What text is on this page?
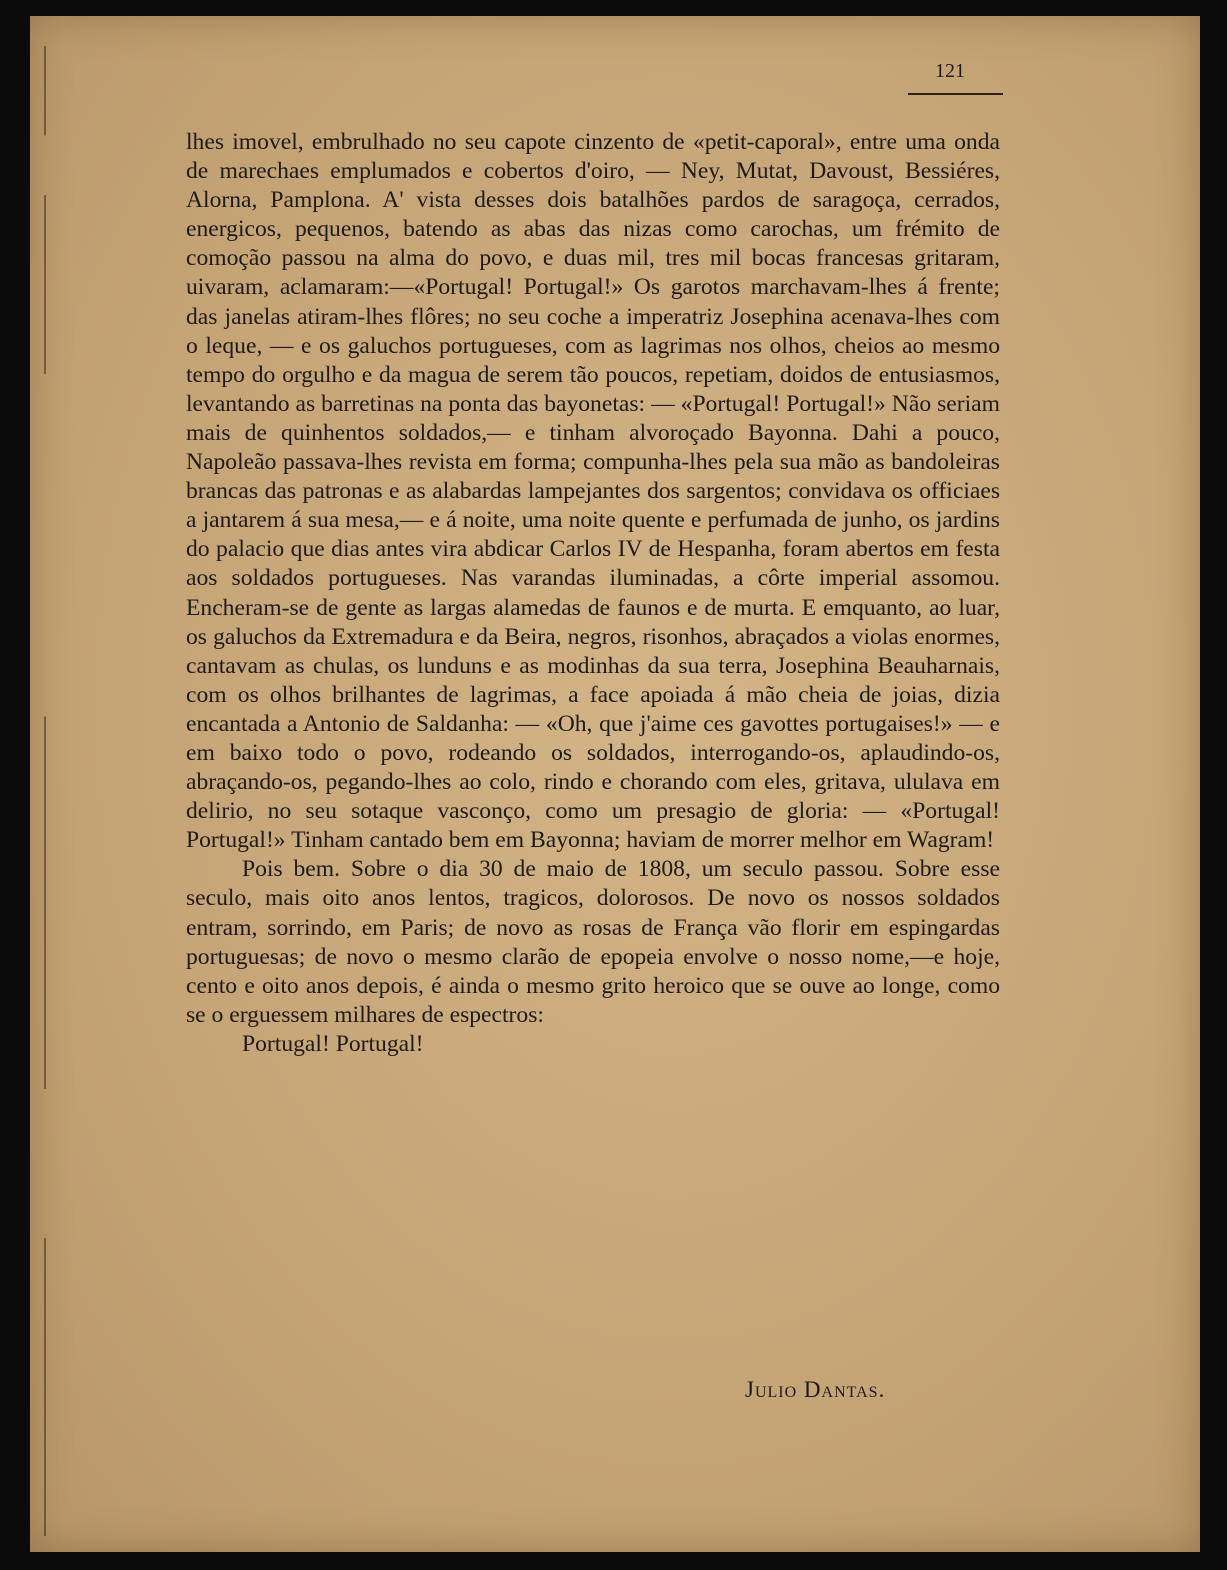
121

lhes imovel, embrulhado no seu capote cinzento de «petit-caporal», entre uma onda de marechaes emplumados e cobertos d'oiro, — Ney, Mutat, Davoust, Bessiéres, Alorna, Pamplona. A' vista desses dois batalhões pardos de saragoça, cerrados, energicos, pequenos, batendo as abas das nizas como carochas, um frémito de comoção passou na alma do povo, e duas mil, tres mil bocas francesas gritaram, uivaram, aclamaram:—«Portugal! Portugal!» Os garotos marchavam-lhes á frente; das janelas atiram-lhes flôres; no seu coche a imperatriz Josephina acenava-lhes com o leque, — e os galuchos portugueses, com as lagrimas nos olhos, cheios ao mesmo tempo do orgulho e da magua de serem tão poucos, repetiam, doidos de entusiasmos, levantando as barretinas na ponta das bayonetas: — «Portugal! Portugal!» Não seriam mais de quinhentos soldados,— e tinham alvoroçado Bayonna. Dahi a pouco, Napoleão passava-lhes revista em forma; compunha-lhes pela sua mão as bandoleiras brancas das patronas e as alabardas lampejantes dos sargentos; convidava os officiaes a jantarem á sua mesa,— e á noite, uma noite quente e perfumada de junho, os jardins do palacio que dias antes vira abdicar Carlos IV de Hespanha, foram abertos em festa aos soldados portugueses. Nas varandas iluminadas, a côrte imperial assomou. Encheram-se de gente as largas alamedas de faunos e de murta. E emquanto, ao luar, os galuchos da Extremadura e da Beira, negros, risonhos, abraçados a violas enormes, cantavam as chulas, os lunduns e as modinhas da sua terra, Josephina Beauharnais, com os olhos brilhantes de lagrimas, a face apoiada á mão cheia de joias, dizia encantada a Antonio de Saldanha: — «Oh, que j'aime ces gavottes portugaises!» — e em baixo todo o povo, rodeando os soldados, interrogando-os, aplaudindo-os, abraçando-os, pegando-lhes ao colo, rindo e chorando com eles, gritava, ululava em delirio, no seu sotaque vasconço, como um presagio de gloria: — «Portugal! Portugal!» Tinham cantado bem em Bayonna; haviam de morrer melhor em Wagram!

Pois bem. Sobre o dia 30 de maio de 1808, um seculo passou. Sobre esse seculo, mais oito anos lentos, tragicos, dolorosos. De novo os nossos soldados entram, sorrindo, em Paris; de novo as rosas de França vão florir em espingardas portuguesas; de novo o mesmo clarão de epopeia envolve o nosso nome,—e hoje, cento e oito anos depois, é ainda o mesmo grito heroico que se ouve ao longe, como se o erguessem milhares de espectros:

Portugal! Portugal!

Julio Dantas.
